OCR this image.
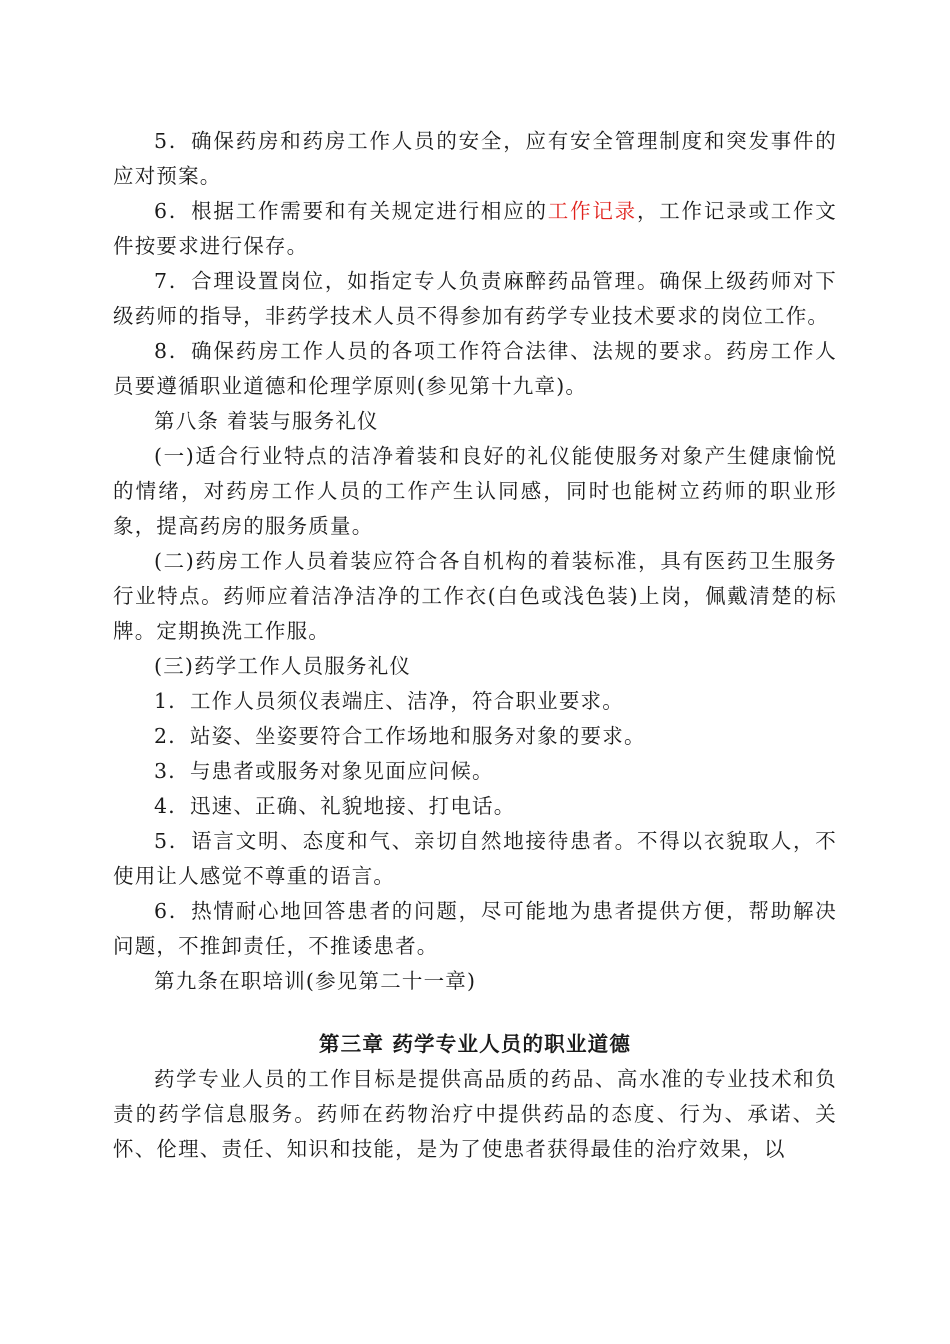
5．确保药房和药房工作人员的安全，应有安全管理制度和突发事件的应对预案。

6．根据工作需要和有关规定进行相应的工作记录，工作记录或工作文件按要求进行保存。

7．合理设置岗位，如指定专人负责麻醉药品管理。确保上级药师对下级药师的指导，非药学技术人员不得参加有药学专业技术要求的岗位工作。

8．确保药房工作人员的各项工作符合法律、法规的要求。药房工作人员要遵循职业道德和伦理学原则(参见第十九章)。

第八条 着装与服务礼仪

(一)适合行业特点的洁净着装和良好的礼仪能使服务对象产生健康愉悦的情绪，对药房工作人员的工作产生认同感，同时也能树立药师的职业形象，提高药房的服务质量。

(二)药房工作人员着装应符合各自机构的着装标准，具有医药卫生服务行业特点。药师应着洁净洁净的工作衣(白色或浅色装)上岗，佩戴清楚的标牌。定期换洗工作服。

(三)药学工作人员服务礼仪

1．工作人员须仪表端庄、洁净，符合职业要求。

2．站姿、坐姿要符合工作场地和服务对象的要求。

3．与患者或服务对象见面应问候。

4．迅速、正确、礼貌地接、打电话。

5．语言文明、态度和气、亲切自然地接待患者。不得以衣貌取人，不使用让人感觉不尊重的语言。

6．热情耐心地回答患者的问题，尽可能地为患者提供方便，帮助解决问题，不推卸责任，不推诿患者。

第九条在职培训(参见第二十一章)

第三章 药学专业人员的职业道德

药学专业人员的工作目标是提供高品质的药品、高水准的专业技术和负责的药学信息服务。药师在药物治疗中提供药品的态度、行为、承诺、关怀、伦理、责任、知识和技能，是为了使患者获得最佳的治疗效果，以
